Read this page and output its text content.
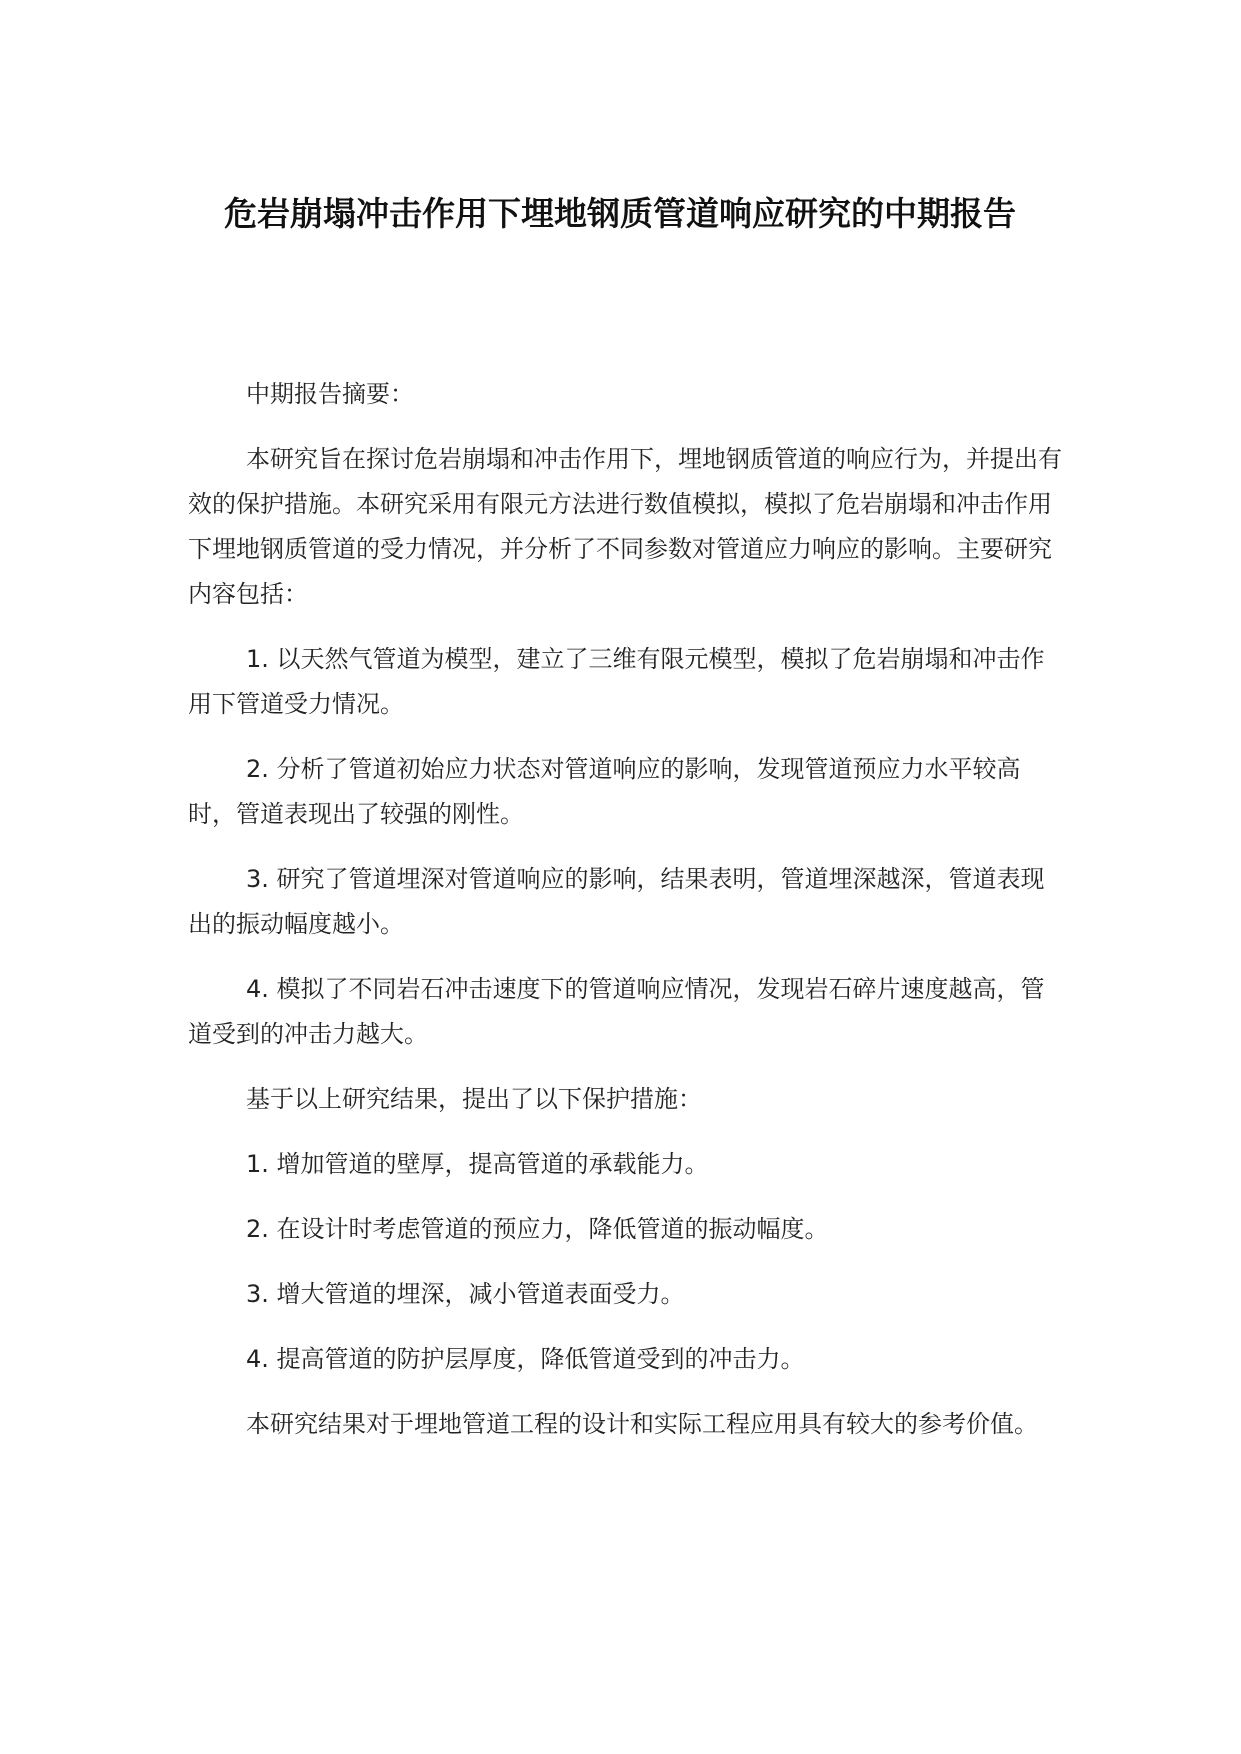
危岩崩塌冲击作用下埋地钢质管道响应研究的中期报告

中期报告摘要：

本研究旨在探讨危岩崩塌和冲击作用下，埋地钢质管道的响应行为，并提出有效的保护措施。本研究采用有限元方法进行数值模拟，模拟了危岩崩塌和冲击作用下埋地钢质管道的受力情况，并分析了不同参数对管道应力响应的影响。主要研究内容包括：

1. 以天然气管道为模型，建立了三维有限元模型，模拟了危岩崩塌和冲击作用下管道受力情况。

2. 分析了管道初始应力状态对管道响应的影响，发现管道预应力水平较高时，管道表现出了较强的刚性。

3. 研究了管道埋深对管道响应的影响，结果表明，管道埋深越深，管道表现出的振动幅度越小。

4. 模拟了不同岩石冲击速度下的管道响应情况，发现岩石碎片速度越高，管道受到的冲击力越大。

基于以上研究结果，提出了以下保护措施：

1. 增加管道的壁厚，提高管道的承载能力。

2. 在设计时考虑管道的预应力，降低管道的振动幅度。

3. 增大管道的埋深，减小管道表面受力。

4. 提高管道的防护层厚度，降低管道受到的冲击力。

本研究结果对于埋地管道工程的设计和实际工程应用具有较大的参考价值。
